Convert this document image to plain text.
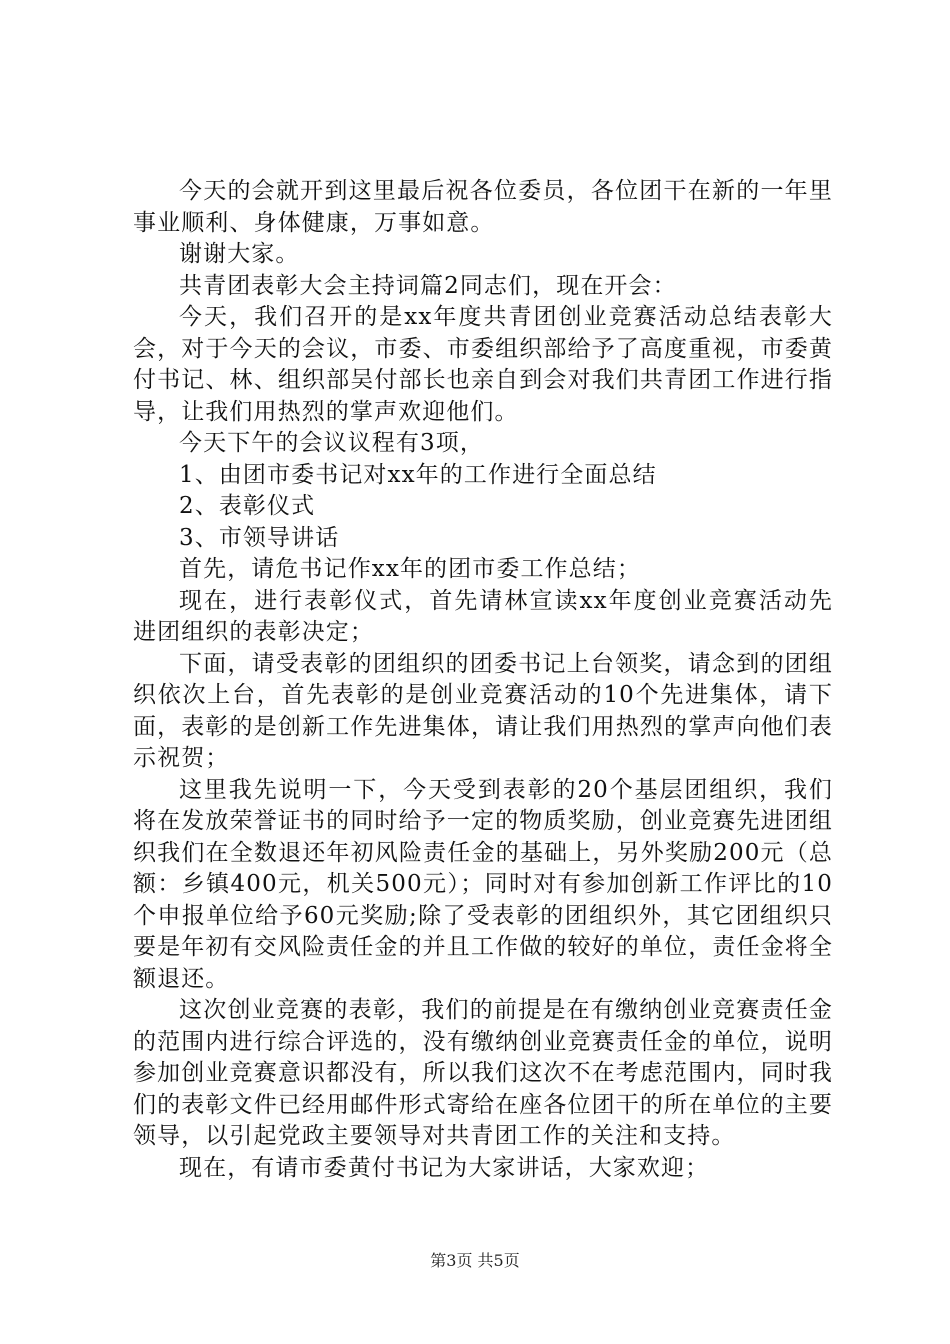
今天的会就开到这里最后祝各位委员，各位团干在新的一年里事业顺利、身体健康，万事如意。

谢谢大家。

共青团表彰大会主持词篇2同志们，现在开会：

今天，我们召开的是xx年度共青团创业竞赛活动总结表彰大会，对于今天的会议，市委、市委组织部给予了高度重视，市委黄付书记、林、组织部吴付部长也亲自到会对我们共青团工作进行指导，让我们用热烈的掌声欢迎他们。

今天下午的会议议程有3项，

1、由团市委书记对xx年的工作进行全面总结

2、表彰仪式

3、市领导讲话

首先，请危书记作xx年的团市委工作总结；

现在，进行表彰仪式，首先请林宣读xx年度创业竞赛活动先进团组织的表彰决定；

下面，请受表彰的团组织的团委书记上台领奖，请念到的团组织依次上台，首先表彰的是创业竞赛活动的10个先进集体，请下面，表彰的是创新工作先进集体，请让我们用热烈的掌声向他们表示祝贺；

这里我先说明一下，今天受到表彰的20个基层团组织，我们将在发放荣誉证书的同时给予一定的物质奖励，创业竞赛先进团组织我们在全数退还年初风险责任金的基础上，另外奖励200元（总额：乡镇400元，机关500元）；同时对有参加创新工作评比的10个申报单位给予60元奖励;除了受表彰的团组织外，其它团组织只要是年初有交风险责任金的并且工作做的较好的单位，责任金将全额退还。

这次创业竞赛的表彰，我们的前提是在有缴纳创业竞赛责任金的范围内进行综合评选的，没有缴纳创业竞赛责任金的单位，说明参加创业竞赛意识都没有，所以我们这次不在考虑范围内，同时我们的表彰文件已经用邮件形式寄给在座各位团干的所在单位的主要领导，以引起党政主要领导对共青团工作的关注和支持。

现在，有请市委黄付书记为大家讲话，大家欢迎；

第3页 共5页
